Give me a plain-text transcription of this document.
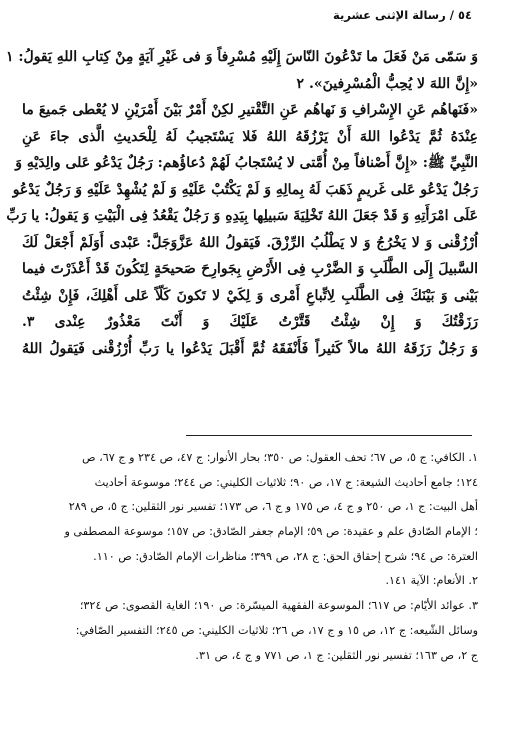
٥٤ / رسالة الإثنى عشرية
وَ سَمّى مَنْ فَعَلَ ما تَدْعُونَ النّاسَ إِلَيْهِ مُسْرِفاً وَ فى غَيْرِ آيَةٍ مِنْ كِتابِ اللهِ يَقولُ: ١
«إِنَّ اللهَ لا يُحِبُّ الْمُسْرِفينَ». ٢
«فَنَهاهُم عَنِ الإِسْرافِ وَ نَهاهُم عَنِ التَّقْتيرِ لكِنْ أَمْرٌ بَيْنَ أَمْرَيْنِ لا يُعْطى جَميعَ ما
عِنْدَهُ ثُمَّ يَدْعُوا اللهَ أَنْ يَرْزُقَهُ اللهُ فَلا يَسْتَجيبُ لَهُ لِلْحَديثِ الَّذى جاءَ عَنِ
النَّبِيِّ ﷺ: «إِنَّ أَصْنافاً مِنْ أُمَّتى لا يُسْتَجابُ لَهُمْ دُعاؤُهم: رَجُلٌ يَدْعُو عَلى والِدَيْهِ وَ
رَجُلٌ يَدْعُو عَلى غَريمٍ ذَهَبَ لَهُ بِمالِهِ وَ لَمْ يَكْتُبْ عَلَيْهِ وَ لَمْ يُشْهِدْ عَلَيْهِ وَ رَجُلٌ يَدْعُو
عَلَى امْرَأَتِهِ وَ قَدْ جَعَلَ اللهُ تَخْلِيَةَ سَبيلِها بِيَدِهِ وَ رَجُلٌ يَقْعُدُ فِى الْبَيْتِ وَ يَقولُ: يا رَبِّ
اُرْزُقْنى وَ لا يَخْرُجُ وَ لا يَطْلُبُ الرِّزْقَ. فَيَقولُ اللهُ عَزَّوَجَلَّ: عَبْدى أَوَلَمْ أَجْعَلْ لَكَ
السَّبيلَ إِلَى الطَّلَبِ وَ الضَّرْبِ فِى الأَرْضِ بِجَوارِحَ صَحيحَةٍ لِتَكُونَ قَدْ أَعْذَرْتَ فيما
بَيْنى وَ بَيْنَكَ فِى الطَّلَبِ لِاتِّباعِ أَمْرى وَ لِكَيْ لا تَكونَ كَلّاً عَلى أَهْلِكَ، فَإِنْ شِئْتُ
رَزَقْتُكَ وَ إِنْ شِئْتُ قَتَّرْتُ عَلَيْكَ وَ أَنْتَ مَعْذُورٌ عِنْدى ٣.
وَ رَجُلٌ رَزَقَهُ اللهُ مالاً كَثيراً فَأَنْفَقَهُ ثُمَّ أَقْبَلَ يَدْعُوا يا رَبِّ أُرْزُقْنى فَيَقولُ اللهُ
١. الكافي: ج ٥، ص ٦٧؛ تحف العقول: ص ٣٥٠؛ بحار الأنوار: ج ٤٧، ص ٢٣٤ و ج ٦٧، ص
١٢٤؛ جامع أحاديث الشيعة: ج ١٧، ص ٩٠؛ ثلاثيات الكليني: ص ٢٤٤؛ موسوعة أحاديث
أهل البيت: ج ١، ص ٢٥٠ و ج ٤، ص ١٧٥ و ج ٦، ص ١٧٣؛ تفسير نور الثقلين: ج ٥، ص ٢٨٩
؛ الإمام الصّادق علم و عقيدة: ص ٥٩؛ الإمام جعفر الصّادق: ص ١٥٧؛ موسوعة المصطفى و
العترة: ص ٩٤؛ شرح إحقاق الحق: ج ٢٨، ص ٣٩٩؛ مناظرات الإمام الصّادق: ص ١١٠.
٢. الأنعام: الآية ١٤١.
٣. عوائد الأيّام: ص ٦١٧؛ الموسوعة الفقهية الميسّرة: ص ١٩٠؛ الغاية القصوى: ص ٣٢٤؛
وسائل الشّيعه: ج ١٢، ص ١٥ و ج ١٧، ص ٢٦؛ ثلاثيات الكليني: ص ٢٤٥؛ التفسير الصّافي:
ج ٢، ص ١٦٣؛ تفسير نور الثقلين: ج ١، ص ٧٧١ و ج ٤، ص ٣١.
